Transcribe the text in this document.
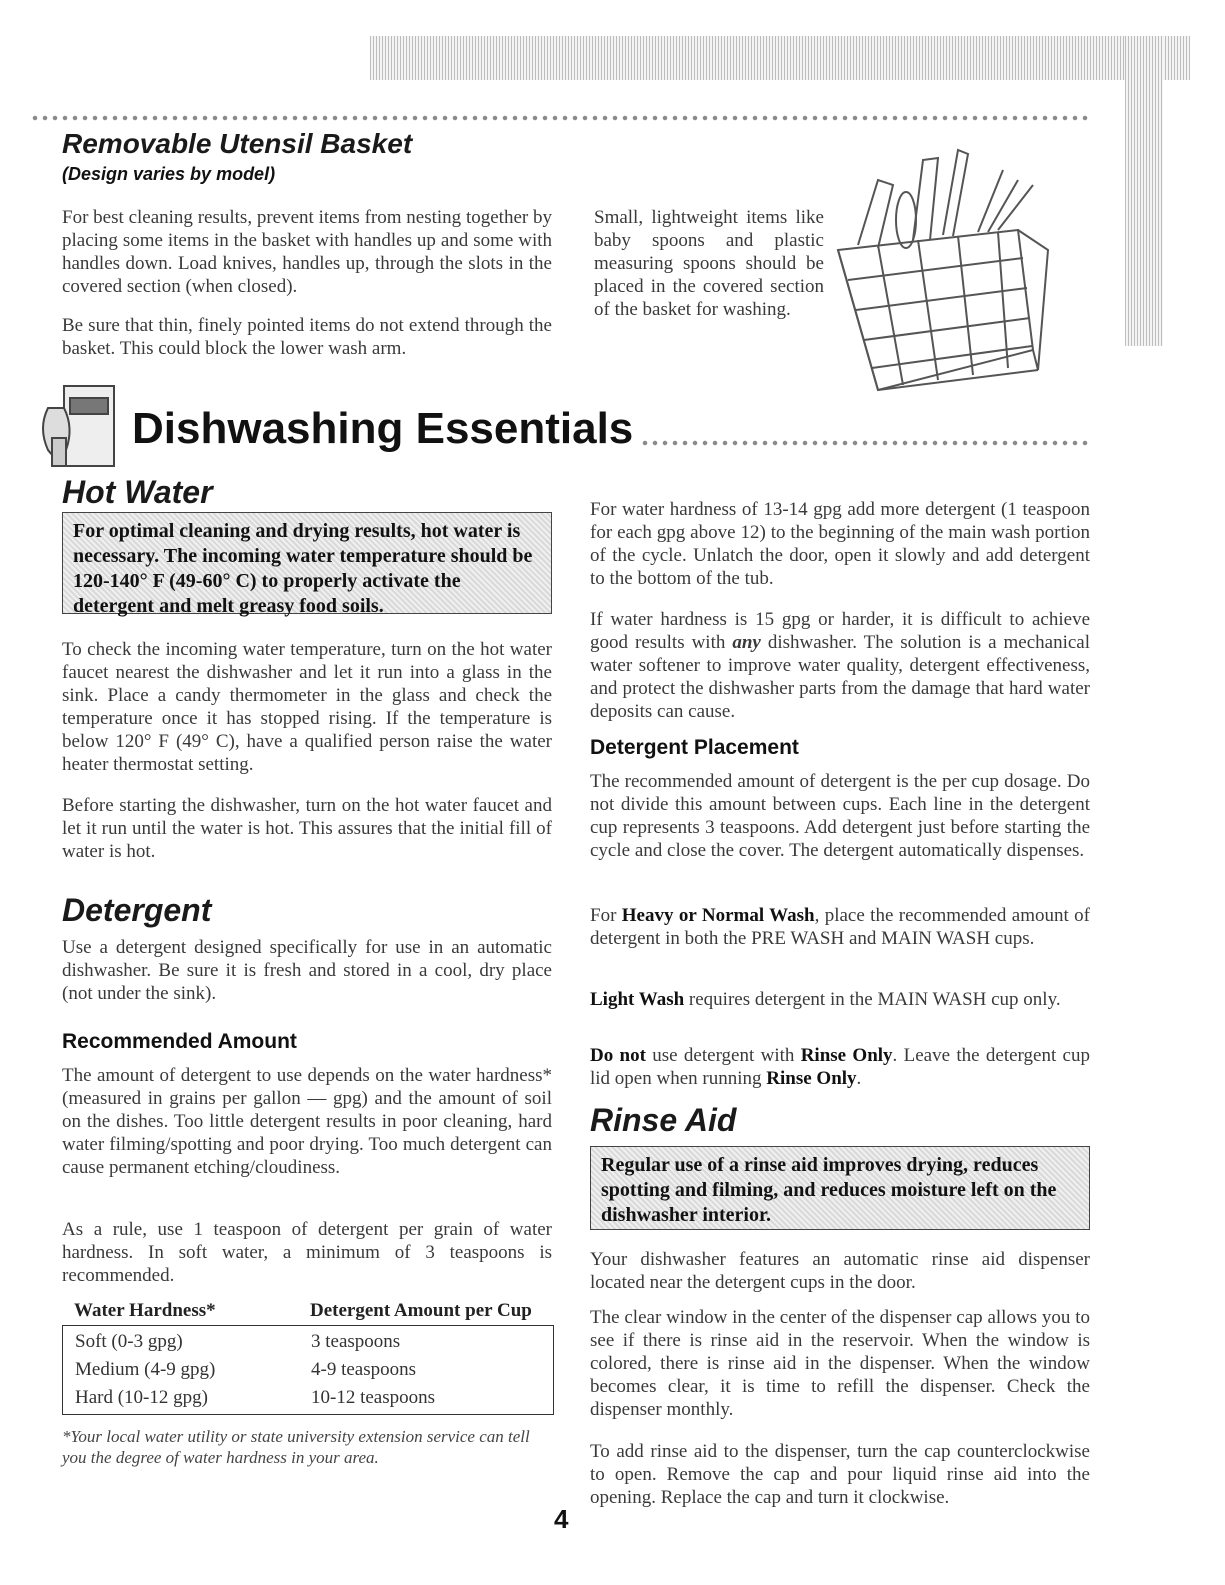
Removable Utensil Basket
(Design varies by model)

For best cleaning results, prevent items from nesting together by placing some items in the basket with handles up and some with handles down. Load knives, handles up, through the slots in the covered section (when closed).

Be sure that thin, finely pointed items do not extend through the basket. This could block the lower wash arm.

Small, lightweight items like baby spoons and plastic measuring spoons should be placed in the covered section of the basket for washing.

Dishwashing Essentials
Hot Water
For optimal cleaning and drying results, hot water is necessary. The incoming water temperature should be 120-140° F (49-60° C) to properly activate the detergent and melt greasy food soils.

To check the incoming water temperature, turn on the hot water faucet nearest the dishwasher and let it run into a glass in the sink. Place a candy thermometer in the glass and check the temperature once it has stopped rising. If the temperature is below 120° F (49° C), have a qualified person raise the water heater thermostat setting.

Before starting the dishwasher, turn on the hot water faucet and let it run until the water is hot. This assures that the initial fill of water is hot.

Detergent

Use a detergent designed specifically for use in an automatic dishwasher. Be sure it is fresh and stored in a cool, dry place (not under the sink).

Recommended Amount

The amount of detergent to use depends on the water hardness* (measured in grains per gallon — gpg) and the amount of soil on the dishes. Too little detergent results in poor cleaning, hard water filming/spotting and poor drying. Too much detergent can cause permanent etching/cloudiness.

As a rule, use 1 teaspoon of detergent per grain of water hardness. In soft water, a minimum of 3 teaspoons is recommended.

Water Hardness*	Detergent Amount per Cup
Soft (0-3 gpg)	3 teaspoons
Medium (4-9 gpg)	4-9 teaspoons
Hard (10-12 gpg)	10-12 teaspoons

*Your local water utility or state university extension service can tell you the degree of water hardness in your area.

For water hardness of 13-14 gpg add more detergent (1 teaspoon for each gpg above 12) to the beginning of the main wash portion of the cycle. Unlatch the door, open it slowly and add detergent to the bottom of the tub.

If water hardness is 15 gpg or harder, it is difficult to achieve good results with any dishwasher. The solution is a mechanical water softener to improve water quality, detergent effectiveness, and protect the dishwasher parts from the damage that hard water deposits can cause.

Detergent Placement

The recommended amount of detergent is the per cup dosage. Do not divide this amount between cups. Each line in the detergent cup represents 3 teaspoons. Add detergent just before starting the cycle and close the cover. The detergent automatically dispenses.

For Heavy or Normal Wash, place the recommended amount of detergent in both the PRE WASH and MAIN WASH cups.

Light Wash requires detergent in the MAIN WASH cup only.

Do not use detergent with Rinse Only. Leave the detergent cup lid open when running Rinse Only.

Rinse Aid
Regular use of a rinse aid improves drying, reduces spotting and filming, and reduces moisture left on the dishwasher interior.

Your dishwasher features an automatic rinse aid dispenser located near the detergent cups in the door.

The clear window in the center of the dispenser cap allows you to see if there is rinse aid in the reservoir. When the window is colored, there is rinse aid in the dispenser. When the window becomes clear, it is time to refill the dispenser. Check the dispenser monthly.

To add rinse aid to the dispenser, turn the cap counterclockwise to open. Remove the cap and pour liquid rinse aid into the opening. Replace the cap and turn it clockwise.

4
